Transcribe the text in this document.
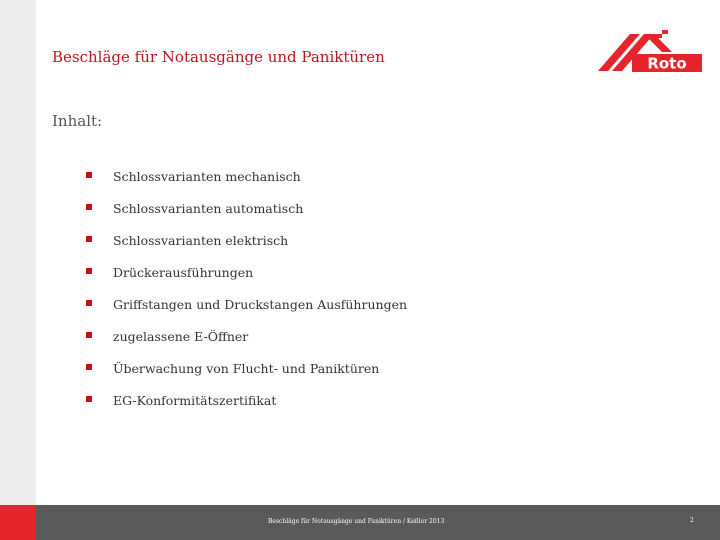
Beschläge für Notausgänge und Paniktüren	Roto
Inhalt:
Schlossvarianten mechanisch
Schlossvarianten automatisch
Schlossvarianten elektrisch
Drückerausführungen
Griffstangen und Druckstangen Ausführungen
zugelassene E-Öffner
Überwachung von Flucht- und Paniktüren
EG-Konformitätszertifikat
Beschläge für Notausgänge und Paniktüren / Keßler 2013	2
